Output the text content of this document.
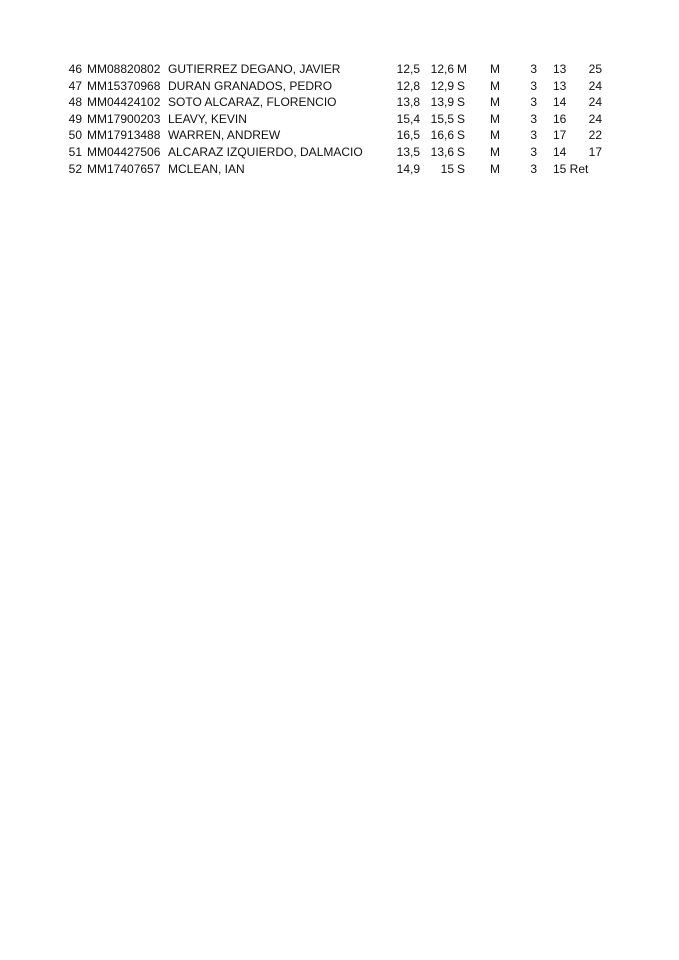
46 MM08820802 GUTIERREZ DEGANO, JAVIER	12,5 12,6 M M	3 13	25
47 MM15370968 DURAN GRANADOS, PEDRO	12,8 12,9 S M	3 13	24
48 MM04424102 SOTO ALCARAZ, FLORENCIO	13,8 13,9 S M	3 14	24
49 MM17900203 LEAVY, KEVIN	15,4 15,5 S M	3 16	24
50 MM17913488 WARREN, ANDREW	16,5 16,6 S M	3 17	22
51 MM04427506 ALCARAZ IZQUIERDO, DALMACIO	13,5 13,6 S M	3 14	17
52 MM17407657 MCLEAN, IAN	14,9	15 S M	3 15 Ret
